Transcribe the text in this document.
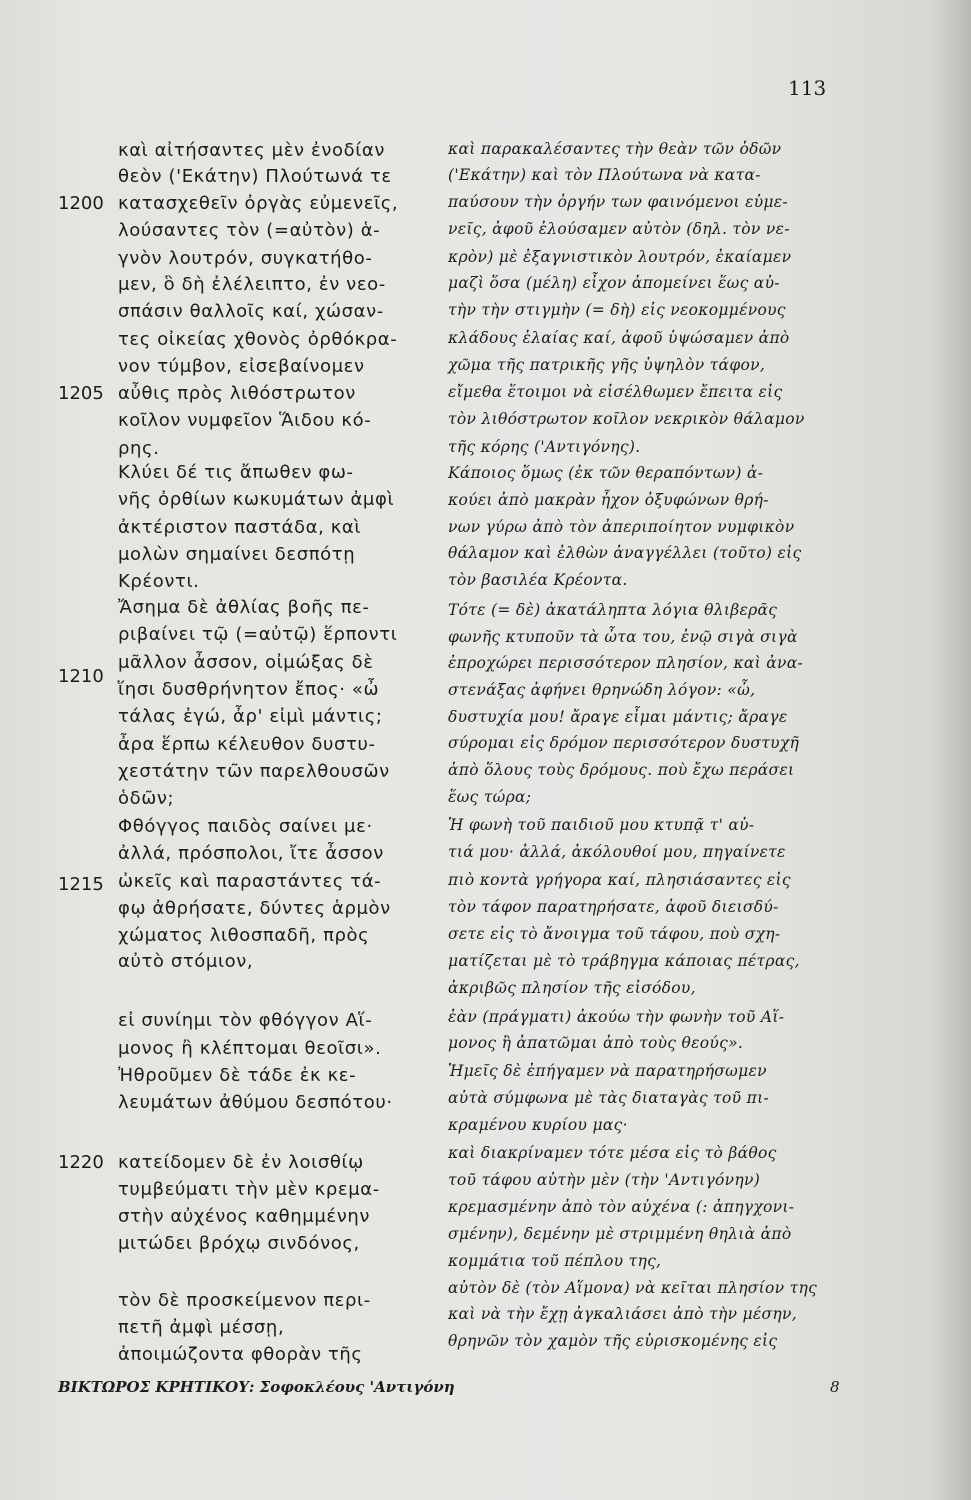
113
1200
1205
1210
1215
1220
καὶ αἰτήσαντες μὲν ἐνοδίαν
θεὸν ('Εκάτην) Πλούτωνά τε
κατασχεθεῖν ὀργὰς εὐμενεῖς,
λούσαντες τὸν (=αὐτὸν) ἁ-
γνὸν λουτρόν, συγκατήθο-
μεν, ὃ δὴ ἐλέλειπτο, ἐν νεο-
σπάσιν θαλλοῖς καί, χώσαν-
τες οἰκείας χθονὸς ὀρθόκρα-
νον τύμβον, εἰσεβαίνομεν
αὖθις πρὸς λιθόστρωτον
κοῖλον νυμφεῖον Ἅιδου κό-
ρης.
Κλύει δέ τις ἄπωθεν φω-
νῆς ὀρθίων κωκυμάτων ἀμφὶ
ἀκτέριστον παστάδα, καὶ
μολὼν σημαίνει δεσπότῃ
Κρέοντι.
Ἄσημα δὲ ἀθλίας βοῆς πε-
ριβαίνει τῷ (=αὐτῷ) ἕρποντι
μᾶλλον ἆσσον, οἰμώξας δὲ
ἵησι δυσθρήνητον ἔπος· «ὦ
τάλας ἐγώ, ἆρ' εἰμὶ μάντις;
ἆρα ἕρπω κέλευθον δυστυ-
χεστάτην τῶν παρελθουσῶν
ὁδῶν;
Φθόγγος παιδὸς σαίνει με·
ἀλλά, πρόσπολοι, ἴτε ἆσσον
ὠκεῖς καὶ παραστάντες τά-
φῳ ἀθρήσατε, δύντες ἁρμὸν
χώματος λιθοσπαδῆ, πρὸς
αὐτὸ στόμιον,
εἰ συνίημι τὸν φθόγγον Αἵ-
μονος ἢ κλέπτομαι θεοῖσι».
Ἠθροῦμεν δὲ τάδε ἐκ κε-
λευμάτων ἀθύμου δεσπότου·
κατείδομεν δὲ ἐν λοισθίῳ
τυμβεύματι τὴν μὲν κρεμα-
στὴν αὐχένος καθημμένην
μιτώδει βρόχῳ σινδόνος,
τὸν δὲ προσκείμενον περι-
πετῆ ἀμφὶ μέσσῃ,
ἀποιμώζοντα φθορὰν τῆς
καὶ παρακαλέσαντες τὴν θεὰν τῶν ὁδῶν
('Εκάτην) καὶ τὸν Πλούτωνα νὰ κατα-
παύσουν τὴν ὀργήν των φαινόμενοι εὐμε-
νεῖς, ἀφοῦ ἐλούσαμεν αὐτὸν (δηλ. τὸν νε-
κρὸν) μὲ ἐξαγνιστικὸν λουτρόν, ἐκαίαμεν
μαζὶ ὅσα (μέλη) εἶχον ἀπομείνει ἕως αὐ-
τὴν τὴν στιγμὴν (= δὴ) εἰς νεοκομμένους
κλάδους ἐλαίας καί, ἀφοῦ ὑψώσαμεν ἀπὸ
χῶμα τῆς πατρικῆς γῆς ὑψηλὸν τάφον,
εἴμεθα ἕτοιμοι νὰ εἰσέλθωμεν ἔπειτα εἰς
τὸν λιθόστρωτον κοῖλον νεκρικὸν θάλαμον
τῆς κόρης ('Αντιγόνης).
Κάποιος ὅμως (ἐκ τῶν θεραπόντων) ἀ-
κούει ἀπὸ μακρὰν ἦχον ὀξυφώνων θρή-
νων γύρω ἀπὸ τὸν ἀπεριποίητον νυμφικὸν
θάλαμον καὶ ἐλθὼν ἀναγγέλλει (τοῦτο) εἰς
τὸν βασιλέα Κρέοντα.
Τότε (= δὲ) ἀκατάληπτα λόγια θλιβερᾶς
φωνῆς κτυποῦν τὰ ὦτα του, ἐνῷ σιγὰ σιγὰ
ἐπροχώρει περισσότερον πλησίον, καὶ ἀνα-
στενάξας ἀφήνει θρηνώδη λόγον: «ὦ,
δυστυχία μου! ἄραγε εἶμαι μάντις; ἄραγε
σύρομαι εἰς δρόμον περισσότερον δυστυχῆ
ἀπὸ ὅλους τοὺς δρόμους. ποὺ ἔχω περάσει
ἕως τώρα;
Ἡ φωνὴ τοῦ παιδιοῦ μου κτυπᾷ τ' αὐ-
τιά μου· ἀλλά, ἀκόλουθοί μου, πηγαίνετε
πιὸ κοντὰ γρήγορα καί, πλησιάσαντες εἰς
τὸν τάφον παρατηρήσατε, ἀφοῦ διεισδύ-
σετε εἰς τὸ ἄνοιγμα τοῦ τάφου, ποὺ σχη-
ματίζεται μὲ τὸ τράβηγμα κάποιας πέτρας,
ἀκριβῶς πλησίον τῆς εἰσόδου,
ἐὰν (πράγματι) ἀκούω τὴν φωνὴν τοῦ Αἵ-
μονος ἢ ἀπατῶμαι ἀπὸ τοὺς θεούς».
Ἡμεῖς δὲ ἐπήγαμεν νὰ παρατηρήσωμεν
αὐτὰ σύμφωνα μὲ τὰς διαταγὰς τοῦ πι-
κραμένου κυρίου μας·
καὶ διακρίναμεν τότε μέσα εἰς τὸ βάθος
τοῦ τάφου αὐτὴν μὲν (τὴν 'Αντιγόνην)
κρεμασμένην ἀπὸ τὸν αὐχένα (: ἀπηγχονι-
σμένην), δεμένην μὲ στριμμένη θηλιὰ ἀπὸ
κομμάτια τοῦ πέπλου της,
αὐτὸν δὲ (τὸν Αἵμονα) νὰ κεῖται πλησίον της
καὶ νὰ τὴν ἔχῃ ἀγκαλιάσει ἀπὸ τὴν μέσην,
θρηνῶν τὸν χαμὸν τῆς εὑρισκομένης εἰς
ΒΙΚΤΩΡΟΣ ΚΡΗΤΙΚΟΥ: Σοφοκλέους 'Αντιγόνη	8
